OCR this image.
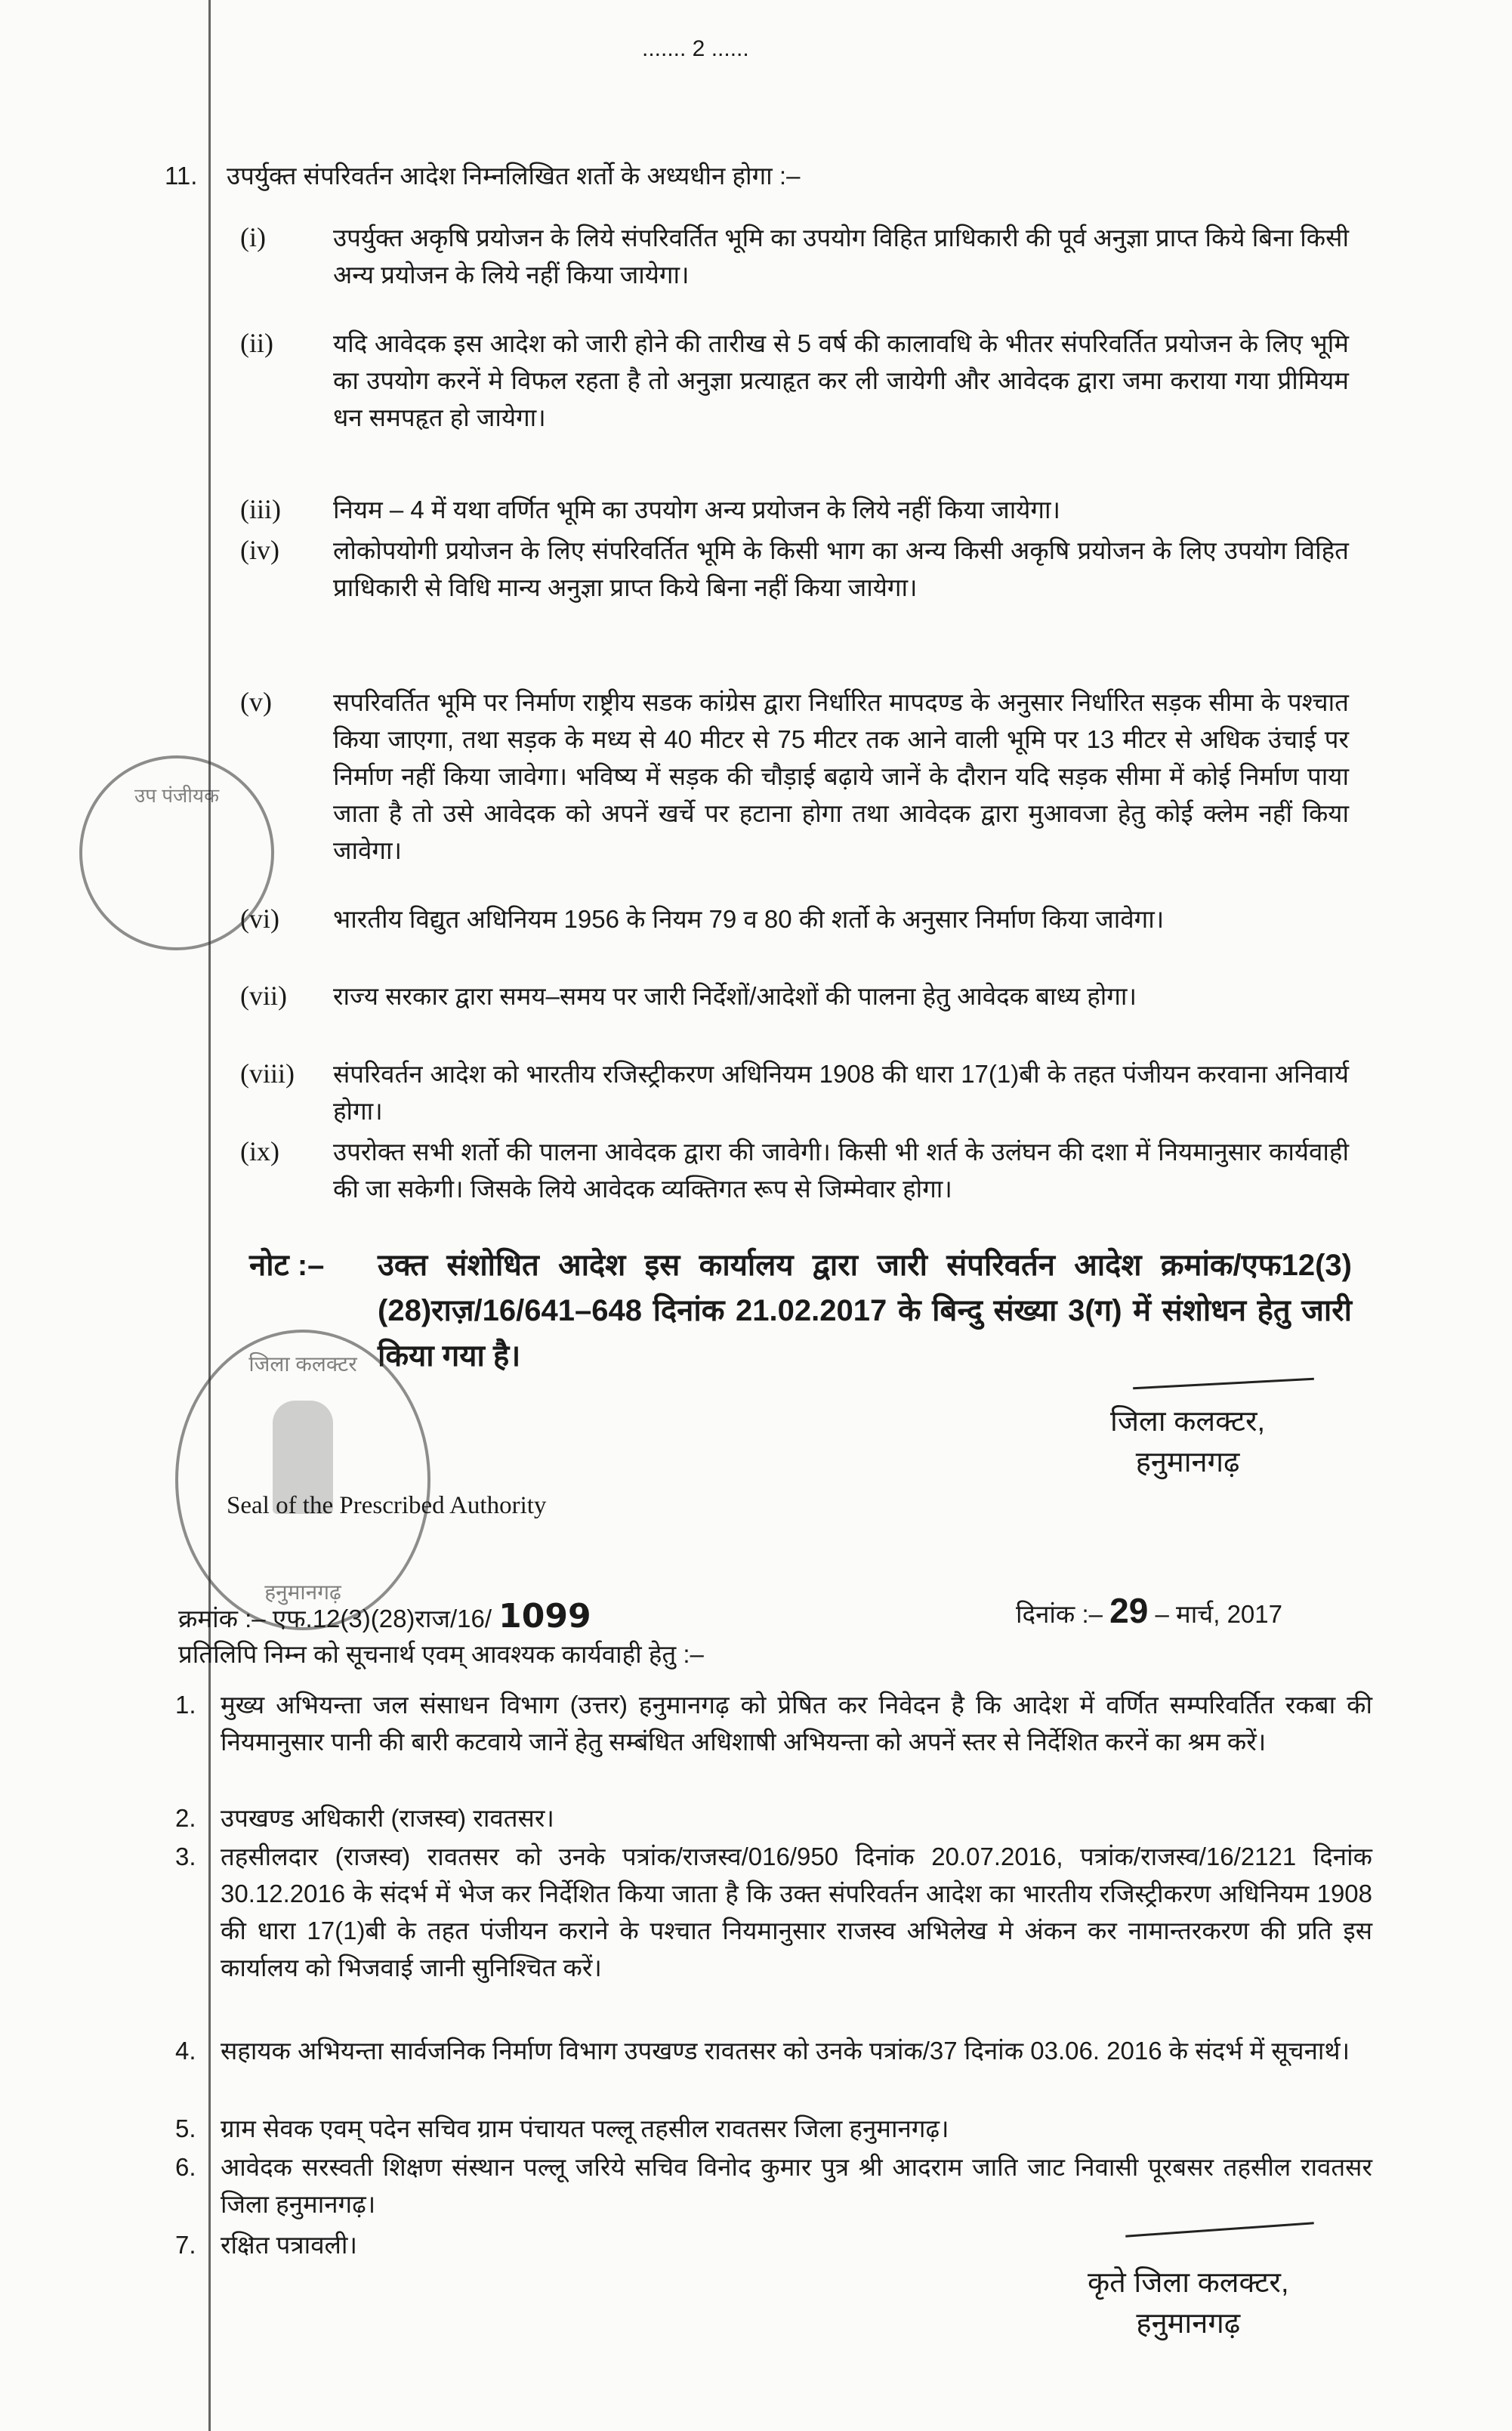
....... 2 ......
11. उपर्युक्त संपरिवर्तन आदेश निम्नलिखित शर्तो के अध्यधीन होगा :–
(i)	उपर्युक्त अकृषि प्रयोजन के लिये संपरिवर्तित भूमि का उपयोग विहित प्राधिकारी की पूर्व अनुज्ञा प्राप्त किये बिना किसी अन्य प्रयोजन के लिये नहीं किया जायेगा।
(ii) यदि आवेदक इस आदेश को जारी होने की तारीख से 5 वर्ष की कालावधि के भीतर संपरिवर्तित प्रयोजन के लिए भूमि का उपयोग करनें मे विफल रहता है तो अनुज्ञा प्रत्याहृत कर ली जायेगी और आवेदक द्वारा जमा कराया गया प्रीमियम धन समपहृत हो जायेगा।
(iii) नियम – 4 में यथा वर्णित भूमि का उपयोग अन्य प्रयोजन के लिये नहीं किया जायेगा।
(iv) लोकोपयोगी प्रयोजन के लिए संपरिवर्तित भूमि के किसी भाग का अन्य किसी अकृषि प्रयोजन के लिए उपयोग विहित प्राधिकारी से विधि मान्य अनुज्ञा प्राप्त किये बिना नहीं किया जायेगा।
(v) सपरिवर्तित भूमि पर निर्माण राष्ट्रीय सडक कांग्रेस द्वारा निर्धारित मापदण्ड के अनुसार निर्धारित सड़क सीमा के पश्चात किया जाएगा, तथा सड़क के मध्य से 40 मीटर से 75 मीटर तक आने वाली भूमि पर 13 मीटर से अधिक उंचाई पर निर्माण नहीं किया जावेगा। भविष्य में सड़क की चौड़ाई बढ़ाये जानें के दौरान यदि सड़क सीमा में कोई निर्माण पाया जाता है तो उसे आवेदक को अपनें खर्चे पर हटाना होगा तथा आवेदक द्वारा मुआवजा हेतु कोई क्लेम नहीं किया जावेगा।
(vi) भारतीय विद्युत अधिनियम 1956 के नियम 79 व 80 की शर्तो के अनुसार निर्माण किया जावेगा।
(vii) राज्य सरकार द्वारा समय–समय पर जारी निर्देशों/आदेशों की पालना हेतु आवेदक बाध्य होगा।
(viii) संपरिवर्तन आदेश को भारतीय रजिस्ट्रीकरण अधिनियम 1908 की धारा 17(1)बी के तहत पंजीयन करवाना अनिवार्य होगा।
(ix) उपरोक्त सभी शर्तो की पालना आवेदक द्वारा की जावेगी। किसी भी शर्त के उलंघन की दशा में नियमानुसार कार्यवाही की जा सकेगी। जिसके लिये आवेदक व्यक्तिगत रूप से जिम्मेवार होगा।
उप पंजीयक
नोट :– उक्त संशोधित आदेश इस कार्यालय द्वारा जारी संपरिवर्तन आदेश क्रमांक/एफ12(3)(28)राज़/16/641–648 दिनांक 21.02.2017 के बिन्दु संख्या 3(ग) में संशोधन हेतु जारी किया गया है।
जिला कलक्टर,
हनुमानगढ़
जिला कलक्टर
हनुमानगढ़
Seal of the Prescribed Authority
क्रमांक :– एफ.12(3)(28)राज/16/ 1099	दिनांक :– 29 – मार्च, 2017
प्रतिलिपि निम्न को सूचनार्थ एवम् आवश्यक कार्यवाही हेतु :–
1. मुख्य अभियन्ता जल संसाधन विभाग (उत्तर) हनुमानगढ़ को प्रेषित कर निवेदन है कि आदेश में वर्णित सम्परिवर्तित रकबा की नियमानुसार पानी की बारी कटवाये जानें हेतु सम्बंधित अधिशाषी अभियन्ता को अपनें स्तर से निर्देशित करनें का श्रम करें।
2. उपखण्ड अधिकारी (राजस्व) रावतसर।
3. तहसीलदार (राजस्व) रावतसर को उनके पत्रांक/राजस्व/016/950 दिनांक 20.07.2016, पत्रांक/राजस्व/16/2121 दिनांक 30.12.2016 के संदर्भ में भेज कर निर्देशित किया जाता है कि उक्त संपरिवर्तन आदेश का भारतीय रजिस्ट्रीकरण अधिनियम 1908 की धारा 17(1)बी के तहत पंजीयन कराने के पश्चात नियमानुसार राजस्व अभिलेख मे अंकन कर नामान्तरकरण की प्रति इस कार्यालय को भिजवाई जानी सुनिश्चित करें।
4. सहायक अभियन्ता सार्वजनिक निर्माण विभाग उपखण्ड रावतसर को उनके पत्रांक/37 दिनांक 03.06. 2016 के संदर्भ में सूचनार्थ।
5. ग्राम सेवक एवम् पदेन सचिव ग्राम पंचायत पल्लू तहसील रावतसर जिला हनुमानगढ़।
6. आवेदक सरस्वती शिक्षण संस्थान पल्लू जरिये सचिव विनोद कुमार पुत्र श्री आदराम जाति जाट निवासी पूरबसर तहसील रावतसर जिला हनुमानगढ़।
7. रक्षित पत्रावली।
कृते जिला कलक्टर,
हनुमानगढ़
